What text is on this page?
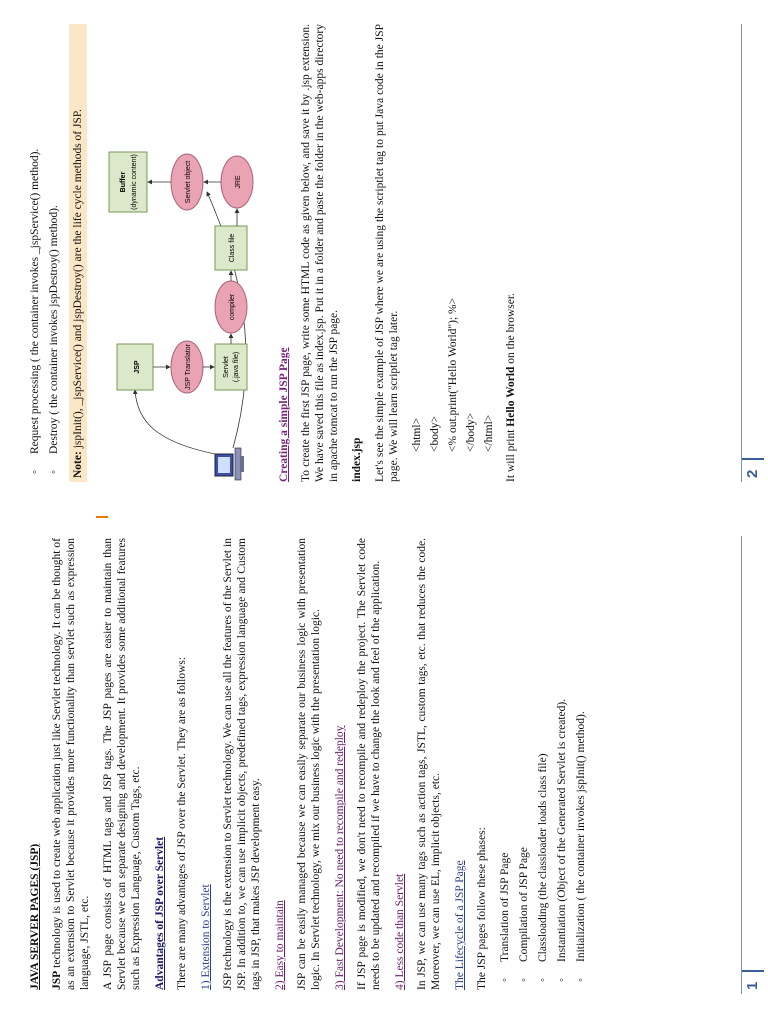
JAVA SERVER PAGES (JSP) JSP technology is used to create web application just like Servlet technology. It can be thought of as an extension to Servlet because it provides more functionality than servlet such as expression language, JSTL, etc. A JSP page consists of HTML tags and JSP tags. The JSP pages are easier to maintain than Servlet because we can separate designing and development. It provides some additional features such as Expression Language, Custom Tags, etc. Advantages of JSP over Servlet There are many advantages of JSP over the Servlet. They are as follows: 1) Extension to Servlet JSP technology is the extension to Servlet technology. We can use all the features of the Servlet in JSP. In addition to, we can use implicit objects, predefined tags, expression language and Custom tags in JSP, that makes JSP development easy. 2) Easy to maintain JSP can be easily managed because we can easily separate our business logic with presentation logic. In Servlet technology, we mix our business logic with the presentation logic. 3) Fast Development: No need to recompile and redeploy If JSP page is modified, we don't need to recompile and redeploy the project. The Servlet code needs to be updated and recompiled if we have to change the look and feel of the application. 4) Less code than Servlet In JSP, we can use many tags such as action tags, JSTL, custom tags, etc. that reduces the code. Moreover, we can use EL, implicit objects, etc. The Lifecycle of a JSP Page The JSP pages follow these phases: ◦ Translation of JSP Page ◦ Compilation of JSP Page ◦ Classloading (the classloader loads class file) ◦ Instantiation (Object of the Generated Servlet is created). ◦ Initialization ( the container invokes jspInit() method).
1
◦ Request processing ( the container invokes _jspService() method). ◦ Destroy ( the container invokes jspDestroy() method).
Note: jspInit(), _jspService() and jspDestroy() are the life cycle methods of JSP.	JSP	JSP Translator	Servlet (.java file)
compiler
Class file
Buffer (dynamic content)	Servlet object	JRE
Creating a simple JSP Page To create the first JSP page, write some HTML code as given below, and save it by .jsp extension. We have saved this file as index.jsp. Put it in a folder and paste the folder in the web-apps directory in apache tomcat to run the JSP page. index.jsp Let's see the simple example of JSP where we are using the scriptlet tag to put Java code in the JSP page. We will learn scriptlet tag later. <html> <body> <% out.print("Hello World"); %> </body> </html> It will print Hello World on the browser.

2
